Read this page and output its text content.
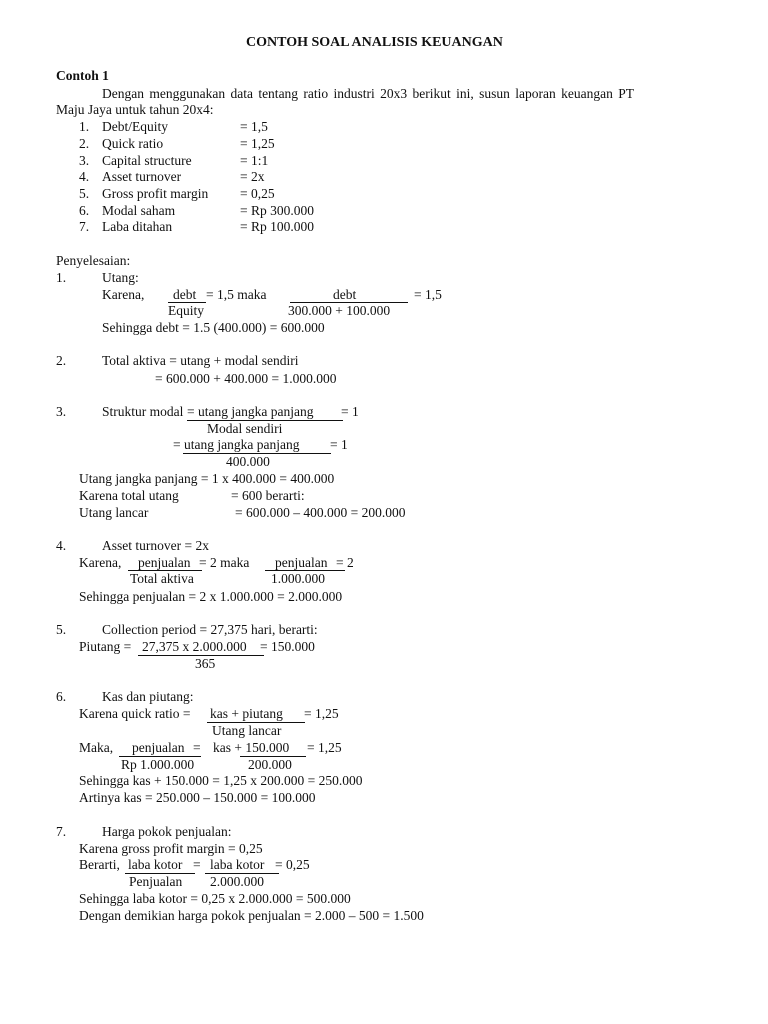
CONTOH SOAL ANALISIS KEUANGAN
Contoh 1
Dengan menggunakan data tentang ratio industri 20x3 berikut ini, susun laporan keuangan PT
Maju Jaya untuk tahun 20x4:
1. Debt/Equity	= 1,5
2. Quick ratio	= 1,25
3. Capital structure	= 1:1
4. Asset turnover	= 2x
5. Gross profit margin = 0,25
6. Modal saham	= Rp 300.000
7. Laba ditahan	= Rp 100.000
Penyelesaian:
1.	Utang:
Karena, debt = 1,5 maka	debt	= 1,5
Equity	300.000 + 100.000
Sehingga debt = 1.5 (400.000) = 600.000
2.	Total aktiva = utang + modal sendiri
= 600.000 + 400.000 = 1.000.000
3.	Struktur modal = utang jangka panjang = 1
Modal sendiri
= utang jangka panjang = 1
400.000
Utang jangka panjang = 1 x 400.000 = 400.000
Karena total utang	= 600 berarti:
Utang lancar	= 600.000 – 400.000 = 200.000
4.	Asset turnover = 2x
Karena, penjualan = 2 maka penjualan = 2
Total aktiva	1.000.000
Sehingga penjualan = 2 x 1.000.000 = 2.000.000
5.	Collection period = 27,375 hari, berarti:
Piutang = 27,375 x 2.000.000 = 150.000
365
6.	Kas dan piutang:
Karena quick ratio = kas + piutang = 1,25
Utang lancar
Maka, penjualan = kas + 150.000 = 1,25
Rp 1.000.000	200.000
Sehingga kas + 150.000 = 1,25 x 200.000 = 250.000
Artinya kas = 250.000 – 150.000 = 100.000
7.	Harga pokok penjualan:
Karena gross profit margin = 0,25
Berarti, laba kotor = laba kotor = 0,25
Penjualan 2.000.000
Sehingga laba kotor = 0,25 x 2.000.000 = 500.000
Dengan demikian harga pokok penjualan = 2.000 – 500 = 1.500
